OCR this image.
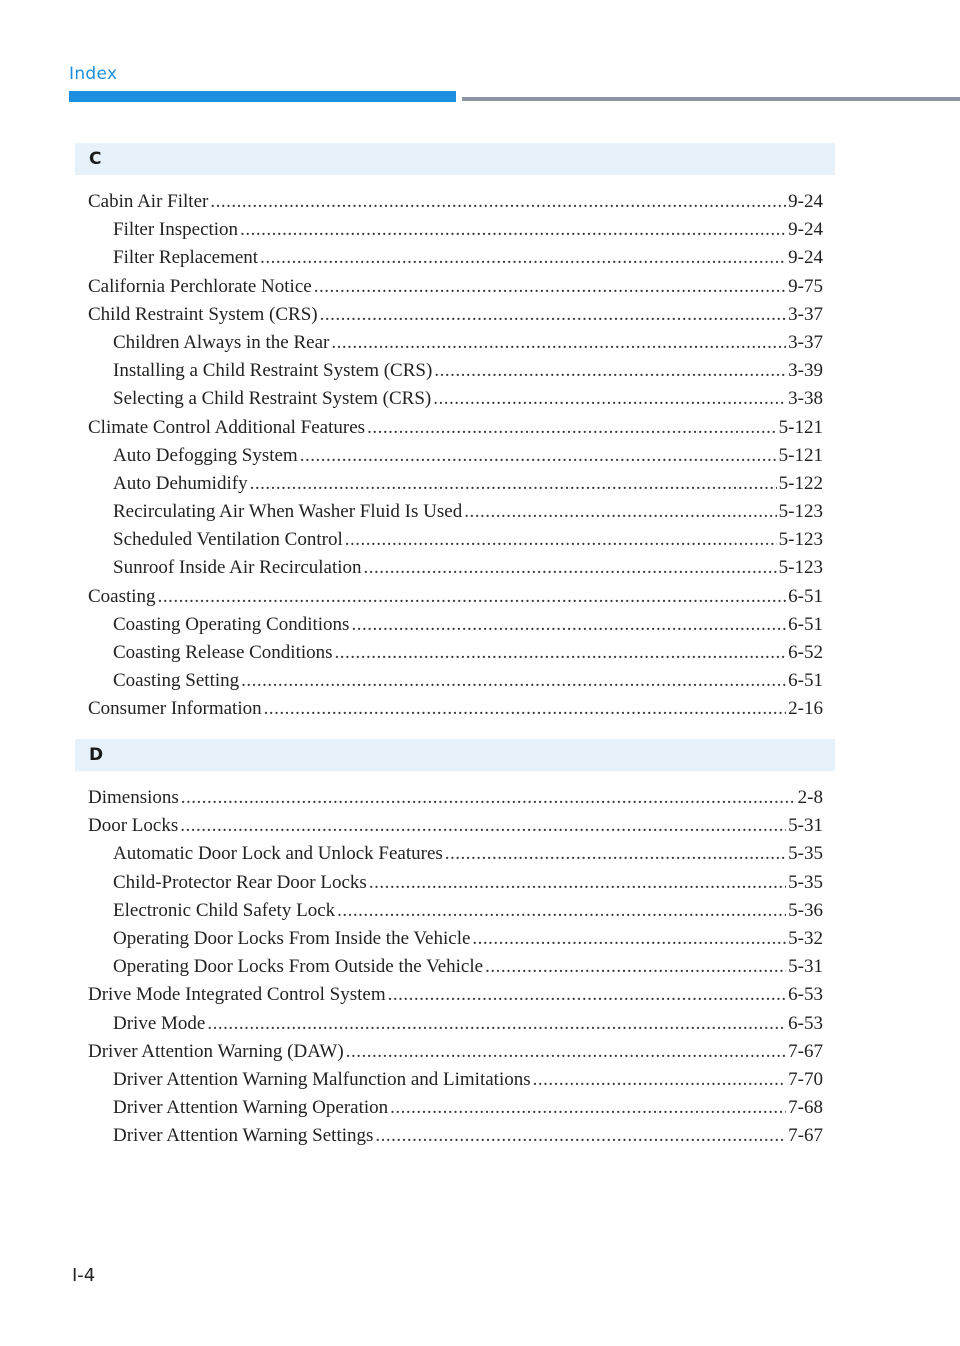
Index
C
Cabin Air Filter .....	9-24
Filter Inspection .....	9-24
Filter Replacement .....	9-24
California Perchlorate Notice .....	9-75
Child Restraint System (CRS) .....	3-37
Children Always in the Rear .....	3-37
Installing a Child Restraint System (CRS) .....	3-39
Selecting a Child Restraint System (CRS) .....	3-38
Climate Control Additional Features .....	5-121
Auto Defogging System .....	5-121
Auto Dehumidify .....	5-122
Recirculating Air When Washer Fluid Is Used .....	5-123
Scheduled Ventilation Control .....	5-123
Sunroof Inside Air Recirculation .....	5-123
Coasting .....	6-51
Coasting Operating Conditions .....	6-51
Coasting Release Conditions .....	6-52
Coasting Setting .....	6-51
Consumer Information .....	2-16
D
Dimensions .....	2-8
Door Locks .....	5-31
Automatic Door Lock and Unlock Features .....	5-35
Child-Protector Rear Door Locks .....	5-35
Electronic Child Safety Lock .....	5-36
Operating Door Locks From Inside the Vehicle .....	5-32
Operating Door Locks From Outside the Vehicle .....	5-31
Drive Mode Integrated Control System .....	6-53
Drive Mode .....	6-53
Driver Attention Warning (DAW) .....	7-67
Driver Attention Warning Malfunction and Limitations .....	7-70
Driver Attention Warning Operation .....	7-68
Driver Attention Warning Settings .....	7-67
I-4
